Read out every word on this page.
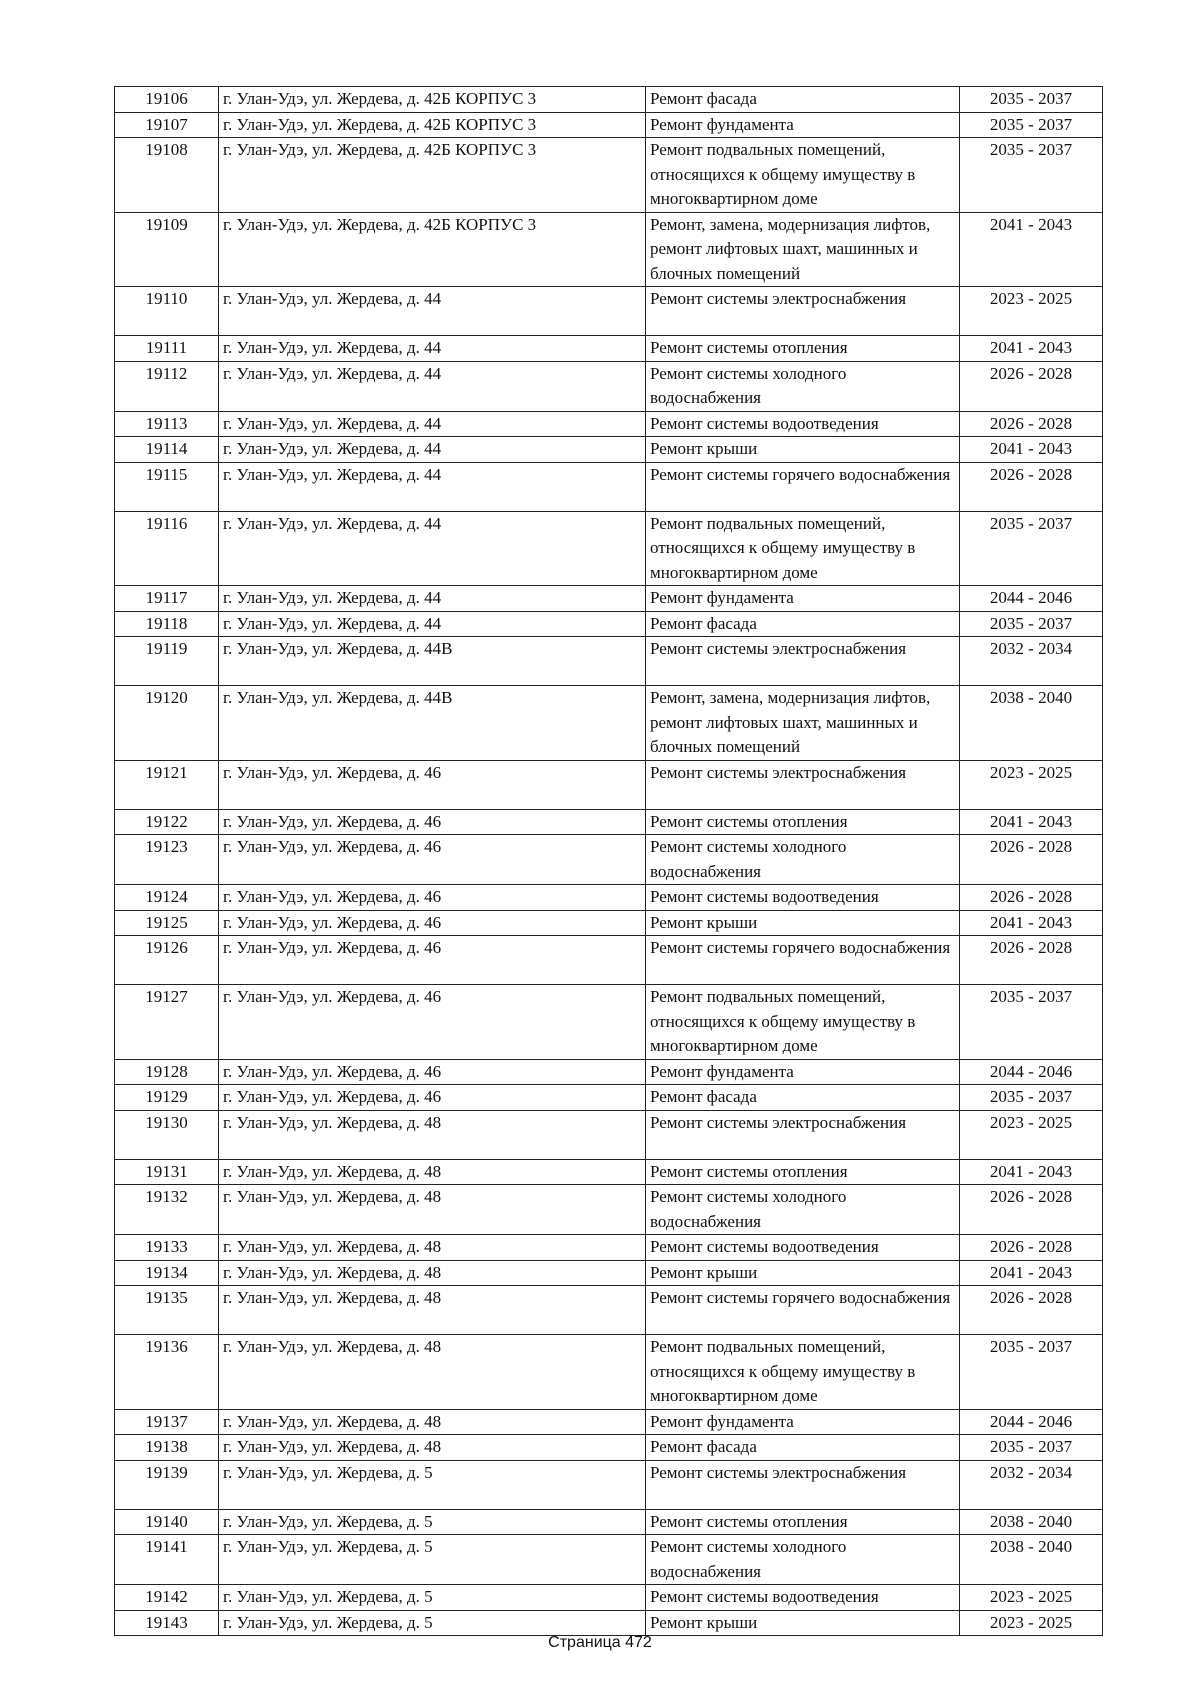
19106	г. Улан-Удэ, ул. Жердева, д. 42Б КОРПУС 3	Ремонт фасада	2035 - 2037
19107	г. Улан-Удэ, ул. Жердева, д. 42Б КОРПУС 3	Ремонт фундамента	2035 - 2037
19108	г. Улан-Удэ, ул. Жердева, д. 42Б КОРПУС 3	Ремонт подвальных помещений, относящихся к общему имуществу в многоквартирном доме	2035 - 2037
19109	г. Улан-Удэ, ул. Жердева, д. 42Б КОРПУС 3	Ремонт, замена, модернизация лифтов, ремонт лифтовых шахт, машинных и блочных помещений	2041 - 2043
19110	г. Улан-Удэ, ул. Жердева, д. 44	Ремонт системы электроснабжения	2023 - 2025
19111	г. Улан-Удэ, ул. Жердева, д. 44	Ремонт системы отопления	2041 - 2043
19112	г. Улан-Удэ, ул. Жердева, д. 44	Ремонт системы холодного водоснабжения	2026 - 2028
19113	г. Улан-Удэ, ул. Жердева, д. 44	Ремонт системы водоотведения	2026 - 2028
19114	г. Улан-Удэ, ул. Жердева, д. 44	Ремонт крыши	2041 - 2043
19115	г. Улан-Удэ, ул. Жердева, д. 44	Ремонт системы горячего водоснабжения	2026 - 2028
19116	г. Улан-Удэ, ул. Жердева, д. 44	Ремонт подвальных помещений, относящихся к общему имуществу в многоквартирном доме	2035 - 2037
19117	г. Улан-Удэ, ул. Жердева, д. 44	Ремонт фундамента	2044 - 2046
19118	г. Улан-Удэ, ул. Жердева, д. 44	Ремонт фасада	2035 - 2037
19119	г. Улан-Удэ, ул. Жердева, д. 44В	Ремонт системы электроснабжения	2032 - 2034
19120	г. Улан-Удэ, ул. Жердева, д. 44В	Ремонт, замена, модернизация лифтов, ремонт лифтовых шахт, машинных и блочных помещений	2038 - 2040
19121	г. Улан-Удэ, ул. Жердева, д. 46	Ремонт системы электроснабжения	2023 - 2025
19122	г. Улан-Удэ, ул. Жердева, д. 46	Ремонт системы отопления	2041 - 2043
19123	г. Улан-Удэ, ул. Жердева, д. 46	Ремонт системы холодного водоснабжения	2026 - 2028
19124	г. Улан-Удэ, ул. Жердева, д. 46	Ремонт системы водоотведения	2026 - 2028
19125	г. Улан-Удэ, ул. Жердева, д. 46	Ремонт крыши	2041 - 2043
19126	г. Улан-Удэ, ул. Жердева, д. 46	Ремонт системы горячего водоснабжения	2026 - 2028
19127	г. Улан-Удэ, ул. Жердева, д. 46	Ремонт подвальных помещений, относящихся к общему имуществу в многоквартирном доме	2035 - 2037
19128	г. Улан-Удэ, ул. Жердева, д. 46	Ремонт фундамента	2044 - 2046
19129	г. Улан-Удэ, ул. Жердева, д. 46	Ремонт фасада	2035 - 2037
19130	г. Улан-Удэ, ул. Жердева, д. 48	Ремонт системы электроснабжения	2023 - 2025
19131	г. Улан-Удэ, ул. Жердева, д. 48	Ремонт системы отопления	2041 - 2043
19132	г. Улан-Удэ, ул. Жердева, д. 48	Ремонт системы холодного водоснабжения	2026 - 2028
19133	г. Улан-Удэ, ул. Жердева, д. 48	Ремонт системы водоотведения	2026 - 2028
19134	г. Улан-Удэ, ул. Жердева, д. 48	Ремонт крыши	2041 - 2043
19135	г. Улан-Удэ, ул. Жердева, д. 48	Ремонт системы горячего водоснабжения	2026 - 2028
19136	г. Улан-Удэ, ул. Жердева, д. 48	Ремонт подвальных помещений, относящихся к общему имуществу в многоквартирном доме	2035 - 2037
19137	г. Улан-Удэ, ул. Жердева, д. 48	Ремонт фундамента	2044 - 2046
19138	г. Улан-Удэ, ул. Жердева, д. 48	Ремонт фасада	2035 - 2037
19139	г. Улан-Удэ, ул. Жердева, д. 5	Ремонт системы электроснабжения	2032 - 2034
19140	г. Улан-Удэ, ул. Жердева, д. 5	Ремонт системы отопления	2038 - 2040
19141	г. Улан-Удэ, ул. Жердева, д. 5	Ремонт системы холодного водоснабжения	2038 - 2040
19142	г. Улан-Удэ, ул. Жердева, д. 5	Ремонт системы водоотведения	2023 - 2025
19143	г. Улан-Удэ, ул. Жердева, д. 5	Ремонт крыши	2023 - 2025
Страница 472
